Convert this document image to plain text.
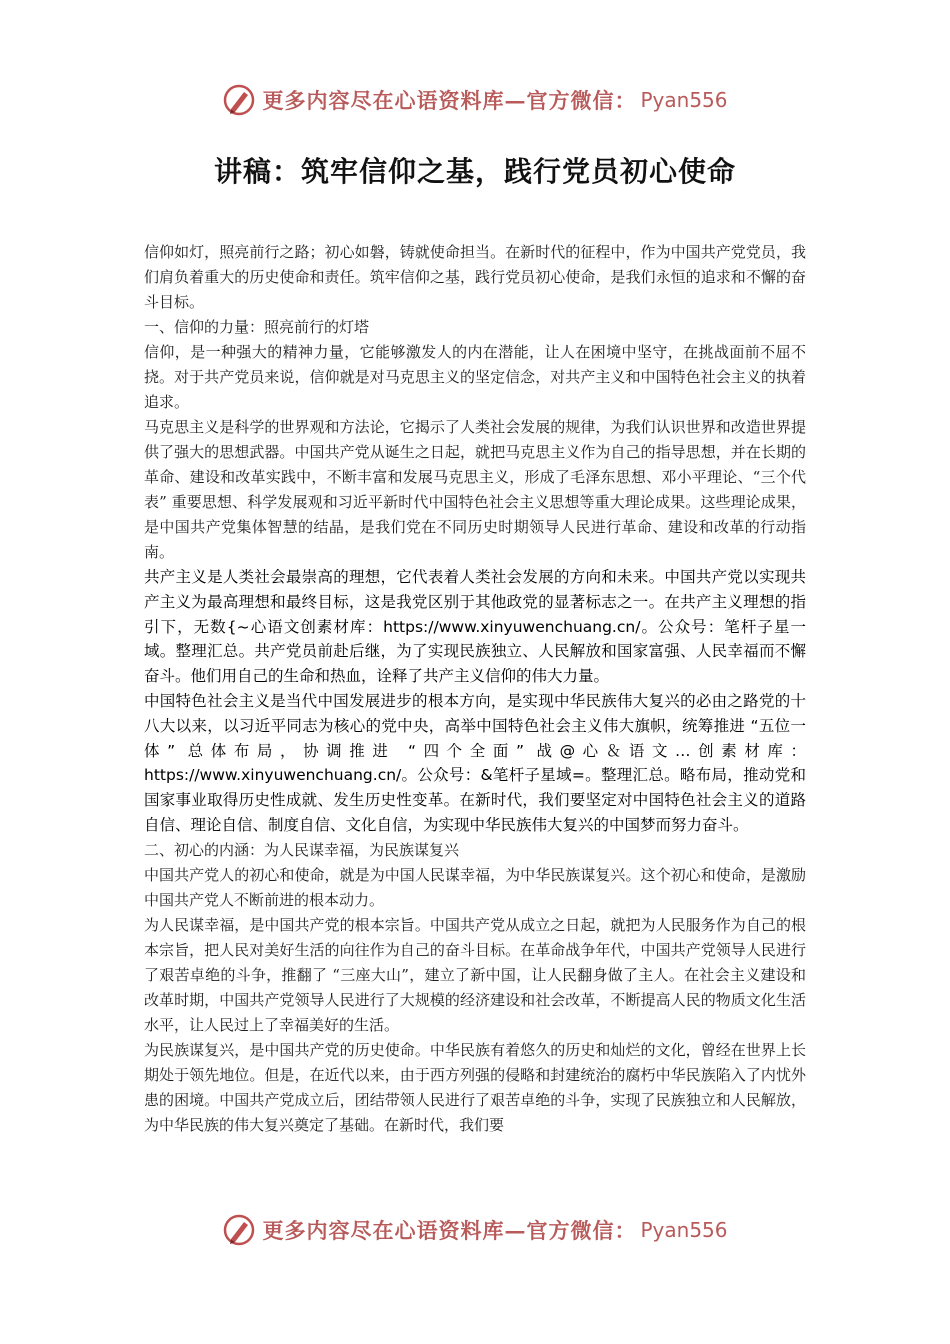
更多内容尽在心语资料库—官方微信： Pyan556
讲稿：筑牢信仰之基，践行党员初心使命

信仰如灯，照亮前行之路；初心如磐，铸就使命担当。在新时代的征程中，作为中国共产党党员，我们肩负着重大的历史使命和责任。筑牢信仰之基，践行党员初心使命，是我们永恒的追求和不懈的奋斗目标。

一、信仰的力量：照亮前行的灯塔

信仰，是一种强大的精神力量，它能够激发人的内在潜能，让人在困境中坚守，在挑战面前不屈不挠。对于共产党员来说，信仰就是对马克思主义的坚定信念，对共产主义和中国特色社会主义的执着追求。

马克思主义是科学的世界观和方法论，它揭示了人类社会发展的规律，为我们认识世界和改造世界提供了强大的思想武器。中国共产党从诞生之日起，就把马克思主义作为自己的指导思想，并在长期的革命、建设和改革实践中，不断丰富和发展马克思主义，形成了毛泽东思想、邓小平理论、“三个代表” 重要思想、科学发展观和习近平新时代中国特色社会主义思想等重大理论成果。这些理论成果，是中国共产党集体智慧的结晶，是我们党在不同历史时期领导人民进行革命、建设和改革的行动指南。

共产主义是人类社会最崇高的理想，它代表着人类社会发展的方向和未来。中国共产党以实现共产主义为最高理想和最终目标，这是我党区别于其他政党的显著标志之一。在共产主义理想的指引下，无数{~心语文创素材库：https://www.xinyuwenchuang.cn/。公众号：笔杆子星一域。整理汇总。共产党员前赴后继，为了实现民族独立、人民解放和国家富强、人民幸福而不懈奋斗。他们用自己的生命和热血，诠释了共产主义信仰的伟大力量。

中国特色社会主义是当代中国发展进步的根本方向，是实现中华民族伟大复兴的必由之路党的十八大以来，以习近平同志为核心的党中央，高举中国特色社会主义伟大旗帜，统筹推进 “五位一体” 总体布局，协调推进 “四个全面” 战@心＆语文…创素材库：https://www.xinyuwenchuang.cn/。公众号：&笔杆子星域=。整理汇总。略布局，推动党和国家事业取得历史性成就、发生历史性变革。在新时代，我们要坚定对中国特色社会主义的道路自信、理论自信、制度自信、文化自信，为实现中华民族伟大复兴的中国梦而努力奋斗。

二、初心的内涵：为人民谋幸福，为民族谋复兴

中国共产党人的初心和使命，就是为中国人民谋幸福，为中华民族谋复兴。这个初心和使命，是激励中国共产党人不断前进的根本动力。

为人民谋幸福，是中国共产党的根本宗旨。中国共产党从成立之日起，就把为人民服务作为自己的根本宗旨，把人民对美好生活的向往作为自己的奋斗目标。在革命战争年代，中国共产党领导人民进行了艰苦卓绝的斗争，推翻了 “三座大山”，建立了新中国，让人民翻身做了主人。在社会主义建设和改革时期，中国共产党领导人民进行了大规模的经济建设和社会改革，不断提高人民的物质文化生活水平，让人民过上了幸福美好的生活。

为民族谋复兴，是中国共产党的历史使命。中华民族有着悠久的历史和灿烂的文化，曾经在世界上长期处于领先地位。但是，在近代以来，由于西方列强的侵略和封建统治的腐朽中华民族陷入了内忧外患的困境。中国共产党成立后，团结带领人民进行了艰苦卓绝的斗争，实现了民族独立和人民解放，为中华民族的伟大复兴奠定了基础。在新时代，我们要

更多内容尽在心语资料库—官方微信： Pyan556
